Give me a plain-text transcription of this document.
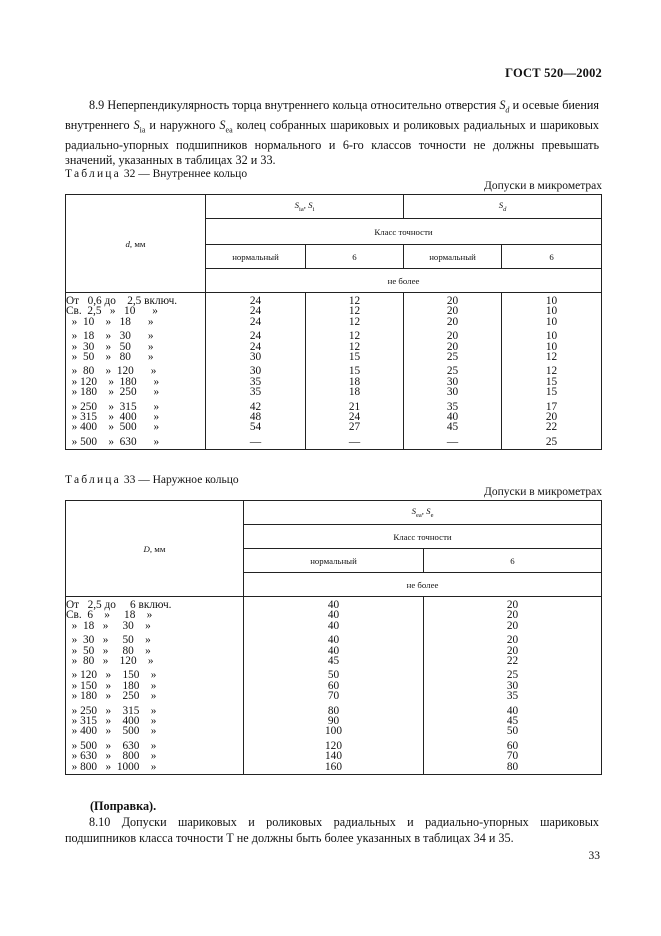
ГОСТ 520—2002
8.9 Неперпендикулярность торца внутреннего кольца относительно отверстия $S_d$ и осевые биения внутреннего $S_{ia}$ и наружного $S_{ea}$ колец собранных шариковых и роликовых радиальных и шариковых радиально-упорных подшипников нормального и 6-го классов точности не должны превышать значений, указанных в таблицах 32 и 33.
Таблица 32 — Внутреннее кольцо
Допуски в микрометрах
d, мм	$S_{ia}$, $S_i$		$S_d$
	Класс точности			
	нормальный	6	нормальный	6
	не более			
От   0,6 до    2,5 включ.	24	12	20	10
Св.  2,5   »   10      »	24	12	20	10
»  10    »   18      »	24	12	20	10
»  18    »   30      »	24	12	20	10
»  30    »   50      »	24	12	20	10
»  50    »   80      »	30	15	25	12
»  80    »  120      »	30	15	25	12
» 120    »  180      »	35	18	30	15
» 180    »  250      »	35	18	30	15
» 250    »  315      »	42	21	35	17
» 315    »  400      »	48	24	40	20
» 400    »  500      »	54	27	45	22
» 500    »  630      »	—	—	—	25
Таблица 33 — Наружное кольцо
Допуски в микрометрах
D, мм	$S_{ea}$, $S_e$
	Класс точности	
	нормальный	6
	не более	
От   2,5 до     6 включ.	40	20
Св.  6    »     18    »	40	20
»  18   »     30    »	40	20
»  30   »     50    »	40	20
»  50   »     80    »	40	20
»  80   »    120    »	45	22
» 120   »    150    »	50	25
» 150   »    180    »	60	30
» 180   »    250    »	70	35
» 250   »    315    »	80	40
» 315   »    400    »	90	45
» 400   »    500    »	100	50
» 500   »    630    »	120	60
» 630   »    800    »	140	70
» 800   »  1000    »	160	80
(Поправка).
8.10 Допуски шариковых и роликовых радиальных и радиально-упорных шариковых подшипников класса точности Т не должны быть более указанных в таблицах 34 и 35.
33
